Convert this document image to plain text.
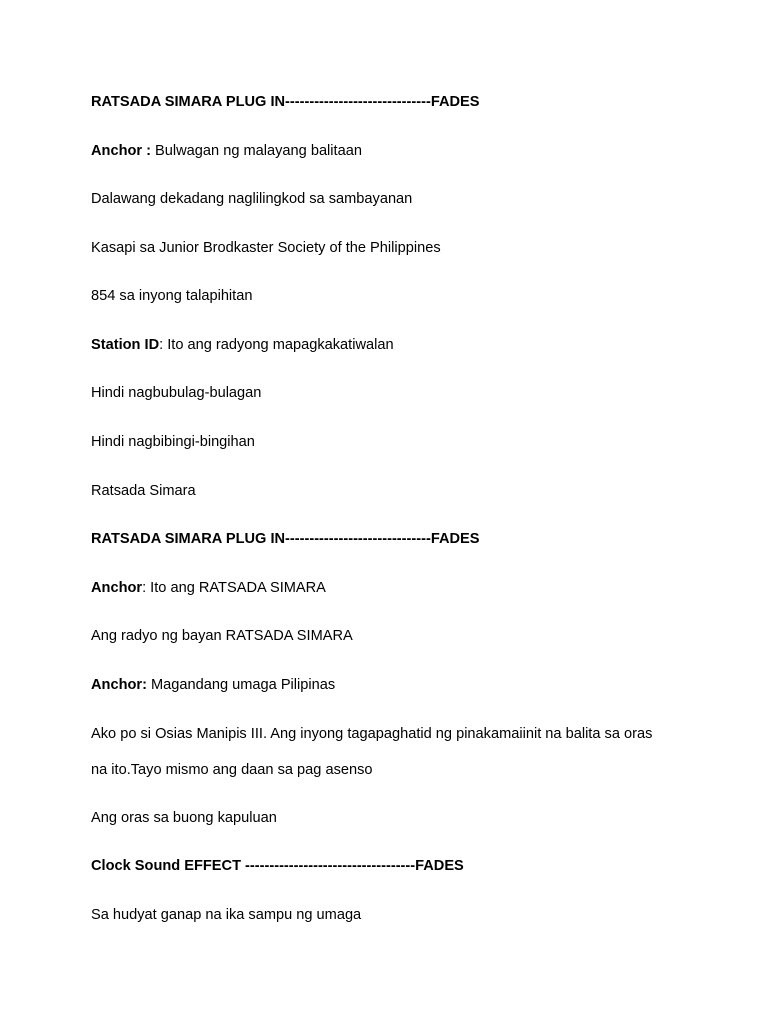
RATSADA SIMARA PLUG IN------------------------------FADES
Anchor : Bulwagan ng malayang balitaan
Dalawang dekadang naglilingkod sa sambayanan
Kasapi sa Junior Brodkaster Society of the Philippines
854 sa inyong talapihitan
Station ID: Ito ang radyong mapagkakatiwalan
Hindi nagbubulag-bulagan
Hindi nagbibingi-bingihan
Ratsada Simara
RATSADA SIMARA PLUG IN------------------------------FADES
Anchor: Ito ang RATSADA SIMARA
Ang radyo ng bayan RATSADA SIMARA
Anchor: Magandang umaga Pilipinas
Ako po si Osias Manipis III. Ang inyong tagapaghatid ng pinakamaiinit na balita sa oras
na ito.Tayo mismo ang daan sa pag asenso
Ang oras sa buong kapuluan
Clock Sound EFFECT -----------------------------------FADES
Sa hudyat ganap na ika sampu ng umaga
